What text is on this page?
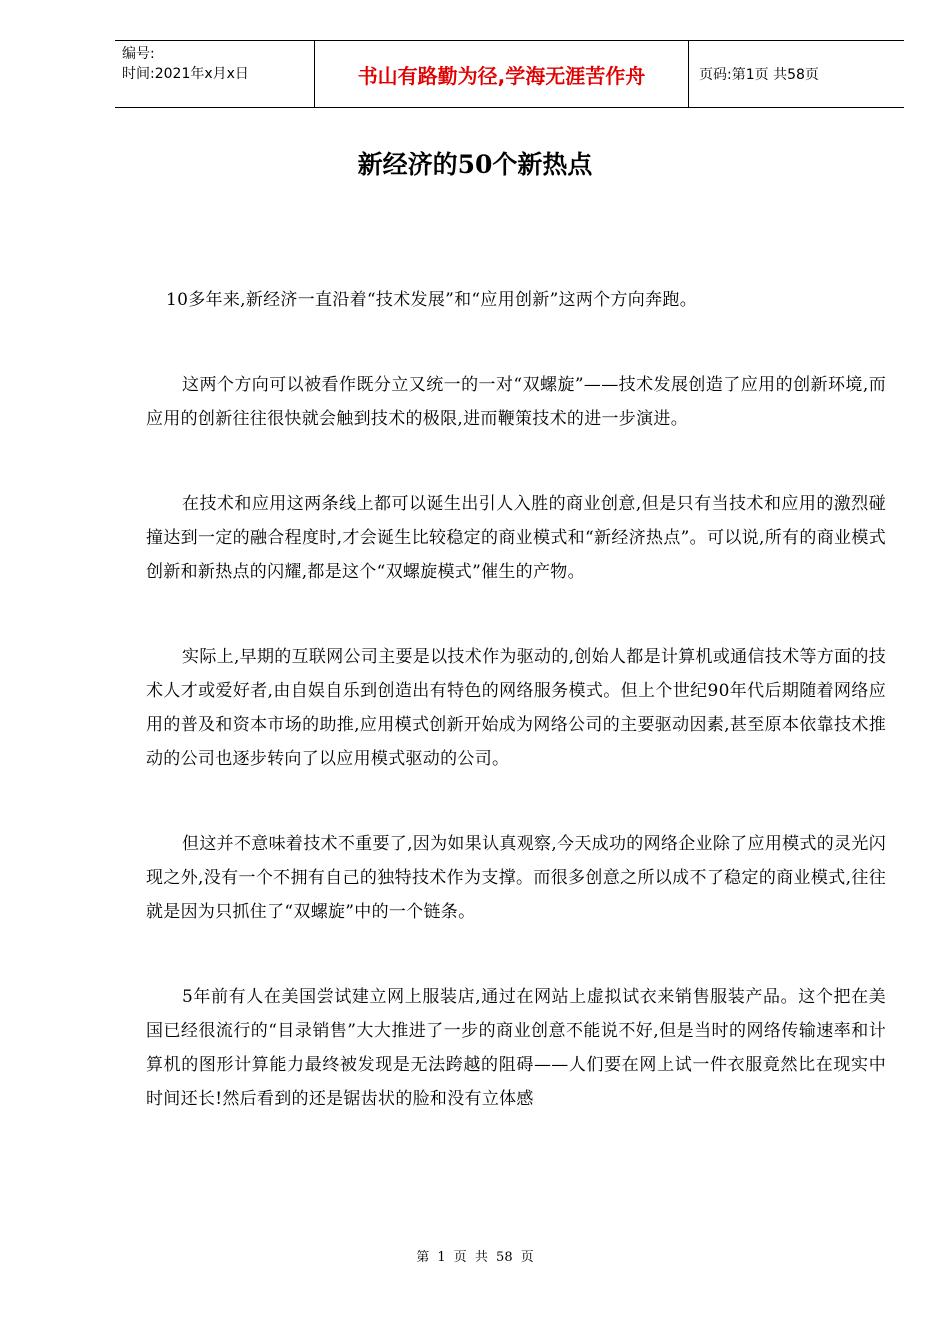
编号:
时间:2021年x月x日	书山有路勤为径,学海无涯苦作舟	页码:第1页 共58页
新经济的50个新热点

10多年来,新经济一直沿着“技术发展”和“应用创新”这两个方向奔跑。

这两个方向可以被看作既分立又统一的一对“双螺旋”——技术发展创造了应用的创新环境,而应用的创新往往很快就会触到技术的极限,进而鞭策技术的进一步演进。

在技术和应用这两条线上都可以诞生出引人入胜的商业创意,但是只有当技术和应用的激烈碰撞达到一定的融合程度时,才会诞生比较稳定的商业模式和“新经济热点”。可以说,所有的商业模式创新和新热点的闪耀,都是这个“双螺旋模式”催生的产物。

实际上,早期的互联网公司主要是以技术作为驱动的,创始人都是计算机或通信技术等方面的技术人才或爱好者,由自娱自乐到创造出有特色的网络服务模式。但上个世纪90年代后期随着网络应用的普及和资本市场的助推,应用模式创新开始成为网络公司的主要驱动因素,甚至原本依靠技术推动的公司也逐步转向了以应用模式驱动的公司。

但这并不意味着技术不重要了,因为如果认真观察,今天成功的网络企业除了应用模式的灵光闪现之外,没有一个不拥有自己的独特技术作为支撑。而很多创意之所以成不了稳定的商业模式,往往就是因为只抓住了“双螺旋”中的一个链条。

5年前有人在美国尝试建立网上服装店,通过在网站上虚拟试衣来销售服装产品。这个把在美国已经很流行的“目录销售”大大推进了一步的商业创意不能说不好,但是当时的网络传输速率和计算机的图形计算能力最终被发现是无法跨越的阻碍——人们要在网上试一件衣服竟然比在现实中时间还长!然后看到的还是锯齿状的脸和没有立体感

第 1 页 共 58 页
